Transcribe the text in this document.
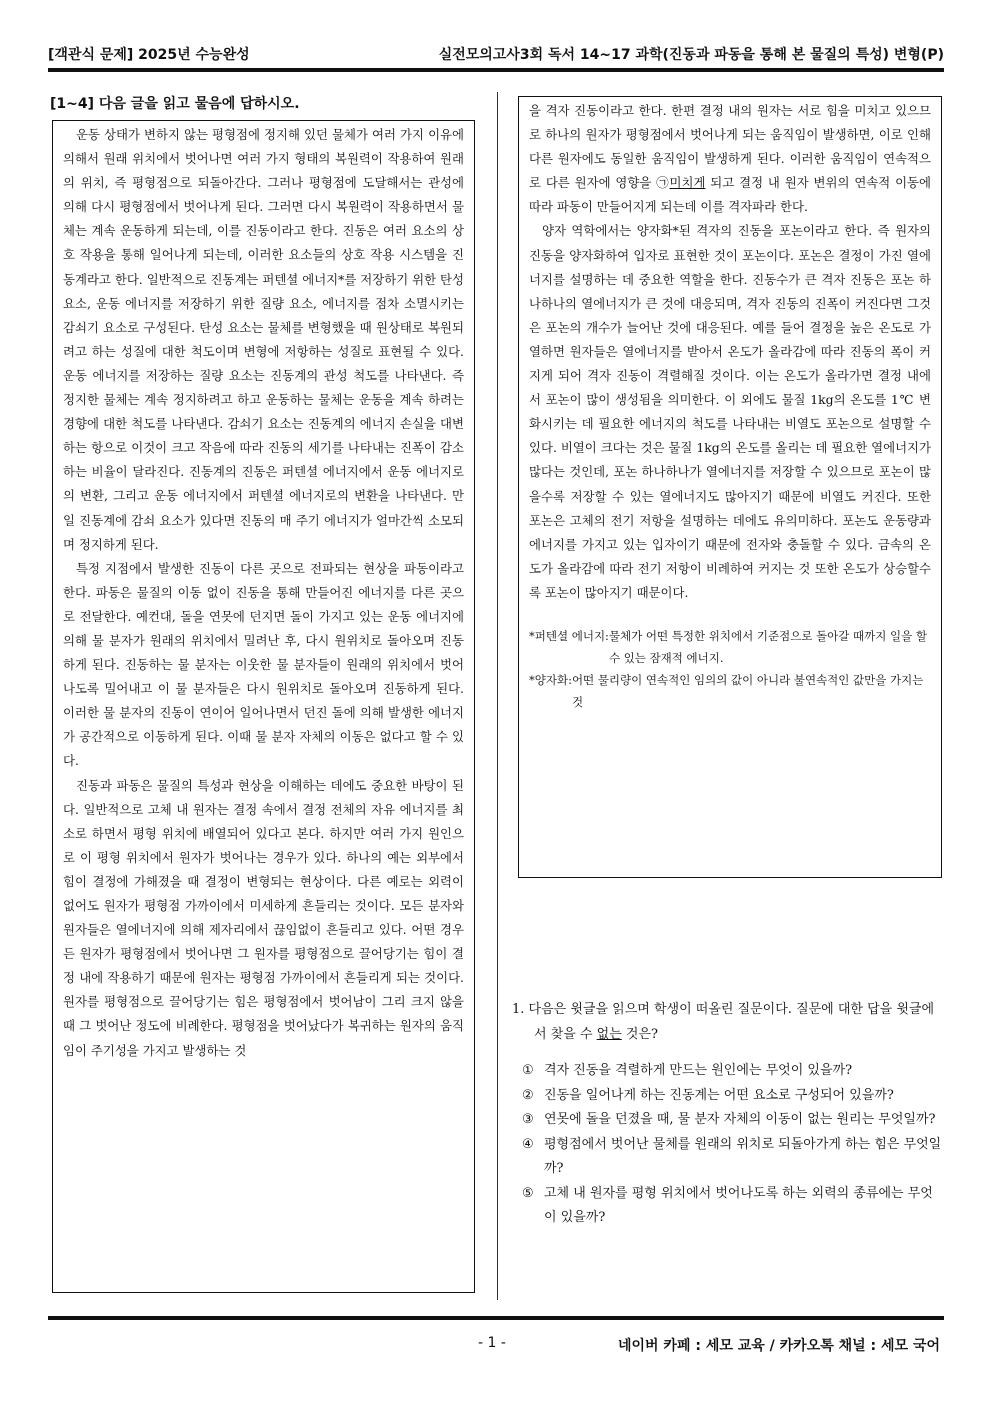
[객관식 문제] 2025년 수능완성	실전모의고사3회 독서 14~17 과학(진동과 파동을 통해 본 물질의 특성) 변형(P)
[1~4] 다음 글을 읽고 물음에 답하시오.

운동 상태가 변하지 않는 평형점에 정지해 있던 물체가 여러 가지 이유에 의해서 원래 위치에서 벗어나면 여러 가지 형태의 복원력이 작용하여 원래의 위치, 즉 평형점으로 되돌아간다. 그러나 평형점에 도달해서는 관성에 의해 다시 평형점에서 벗어나게 된다. 그러면 다시 복원력이 작용하면서 물체는 계속 운동하게 되는데, 이를 진동이라고 한다. 진동은 여러 요소의 상호 작용을 통해 일어나게 되는데, 이러한 요소들의 상호 작용 시스템을 진동계라고 한다. 일반적으로 진동계는 퍼텐셜 에너지*를 저장하기 위한 탄성 요소, 운동 에너지를 저장하기 위한 질량 요소, 에너지를 점차 소멸시키는 감쇠기 요소로 구성된다. 탄성 요소는 물체를 변형했을 때 원상태로 복원되려고 하는 성질에 대한 척도이며 변형에 저항하는 성질로 표현될 수 있다. 운동 에너지를 저장하는 질량 요소는 진동계의 관성 척도를 나타낸다. 즉 정지한 물체는 계속 정지하려고 하고 운동하는 물체는 운동을 계속 하려는 경향에 대한 척도를 나타낸다. 감쇠기 요소는 진동계의 에너지 손실을 대변하는 항으로 이것이 크고 작음에 따라 진동의 세기를 나타내는 진폭이 감소하는 비율이 달라진다. 진동계의 진동은 퍼텐셜 에너지에서 운동 에너지로의 변환, 그리고 운동 에너지에서 퍼텐셜 에너지로의 변환을 나타낸다. 만일 진동계에 감쇠 요소가 있다면 진동의 매 주기 에너지가 얼마간씩 소모되며 정지하게 된다.

특정 지점에서 발생한 진동이 다른 곳으로 전파되는 현상을 파동이라고 한다. 파동은 물질의 이동 없이 진동을 통해 만들어진 에너지를 다른 곳으로 전달한다. 예컨대, 돌을 연못에 던지면 돌이 가지고 있는 운동 에너지에 의해 물 분자가 원래의 위치에서 밀려난 후, 다시 원위치로 돌아오며 진동하게 된다. 진동하는 물 분자는 이웃한 물 분자들이 원래의 위치에서 벗어나도록 밀어내고 이 물 분자들은 다시 원위치로 돌아오며 진동하게 된다. 이러한 물 분자의 진동이 연이어 일어나면서 던진 돌에 의해 발생한 에너지가 공간적으로 이동하게 된다. 이때 물 분자 자체의 이동은 없다고 할 수 있다.

진동과 파동은 물질의 특성과 현상을 이해하는 데에도 중요한 바탕이 된다. 일반적으로 고체 내 원자는 결정 속에서 결정 전체의 자유 에너지를 최소로 하면서 평형 위치에 배열되어 있다고 본다. 하지만 여러 가지 원인으로 이 평형 위치에서 원자가 벗어나는 경우가 있다. 하나의 예는 외부에서 힘이 결정에 가해졌을 때 결정이 변형되는 현상이다. 다른 예로는 외력이 없어도 원자가 평형점 가까이에서 미세하게 흔들리는 것이다. 모든 분자와 원자들은 열에너지에 의해 제자리에서 끊임없이 흔들리고 있다. 어떤 경우든 원자가 평형점에서 벗어나면 그 원자를 평형점으로 끌어당기는 힘이 결정 내에 작용하기 때문에 원자는 평형점 가까이에서 흔들리게 되는 것이다. 원자를 평형점으로 끌어당기는 힘은 평형점에서 벗어남이 그리 크지 않을 때 그 벗어난 정도에 비례한다. 평형점을 벗어났다가 복귀하는 원자의 움직임이 주기성을 가지고 발생하는 것

을 격자 진동이라고 한다. 한편 결정 내의 원자는 서로 힘을 미치고 있으므로 하나의 원자가 평형점에서 벗어나게 되는 움직임이 발생하면, 이로 인해 다른 원자에도 동일한 움직임이 발생하게 된다. 이러한 움직임이 연속적으로 다른 원자에 영향을 ㉠미치게 되고 결정 내 원자 변위의 연속적 이동에 따라 파동이 만들어지게 되는데 이를 격자파라 한다.

양자 역학에서는 양자화*된 격자의 진동을 포논이라고 한다. 즉 원자의 진동을 양자화하여 입자로 표현한 것이 포논이다. 포논은 결정이 가진 열에너지를 설명하는 데 중요한 역할을 한다. 진동수가 큰 격자 진동은 포논 하나하나의 열에너지가 큰 것에 대응되며, 격자 진동의 진폭이 커진다면 그것은 포논의 개수가 늘어난 것에 대응된다. 예를 들어 결정을 높은 온도로 가열하면 원자들은 열에너지를 받아서 온도가 올라감에 따라 진동의 폭이 커지게 되어 격자 진동이 격렬해질 것이다. 이는 온도가 올라가면 결정 내에서 포논이 많이 생성됨을 의미한다. 이 외에도 물질 1kg의 온도를 1℃ 변화시키는 데 필요한 에너지의 척도를 나타내는 비열도 포논으로 설명할 수 있다. 비열이 크다는 것은 물질 1kg의 온도를 올리는 데 필요한 열에너지가 많다는 것인데, 포논 하나하나가 열에너지를 저장할 수 있으므로 포논이 많을수록 저장할 수 있는 열에너지도 많아지기 때문에 비열도 커진다. 또한 포논은 고체의 전기 저항을 설명하는 데에도 유의미하다. 포논도 운동량과 에너지를 가지고 있는 입자이기 때문에 전자와 충돌할 수 있다. 금속의 온도가 올라감에 따라 전기 저항이 비례하여 커지는 것 또한 온도가 상승할수록 포논이 많아지기 때문이다.

*퍼텐셜 에너지: 물체가 어떤 특정한 위치에서 기준점으로 돌아갈 때까지 일을 할 수 있는 잠재적 에너지.
*양자화: 어떤 물리량이 연속적인 임의의 값이 아니라 불연속적인 값만을 가지는 것
1. 다음은 윗글을 읽으며 학생이 떠올린 질문이다. 질문에 대한 답을 윗글에서 찾을 수 없는 것은?
① 격자 진동을 격렬하게 만드는 원인에는 무엇이 있을까?
② 진동을 일어나게 하는 진동계는 어떤 요소로 구성되어 있을까?
③ 연못에 돌을 던졌을 때, 물 분자 자체의 이동이 없는 원리는 무엇일까?
④ 평형점에서 벗어난 물체를 원래의 위치로 되돌아가게 하는 힘은 무엇일까?
⑤ 고체 내 원자를 평형 위치에서 벗어나도록 하는 외력의 종류에는 무엇이 있을까?
- 1 -	네이버 카페 : 세모 교육 / 카카오톡 채널 : 세모 국어
